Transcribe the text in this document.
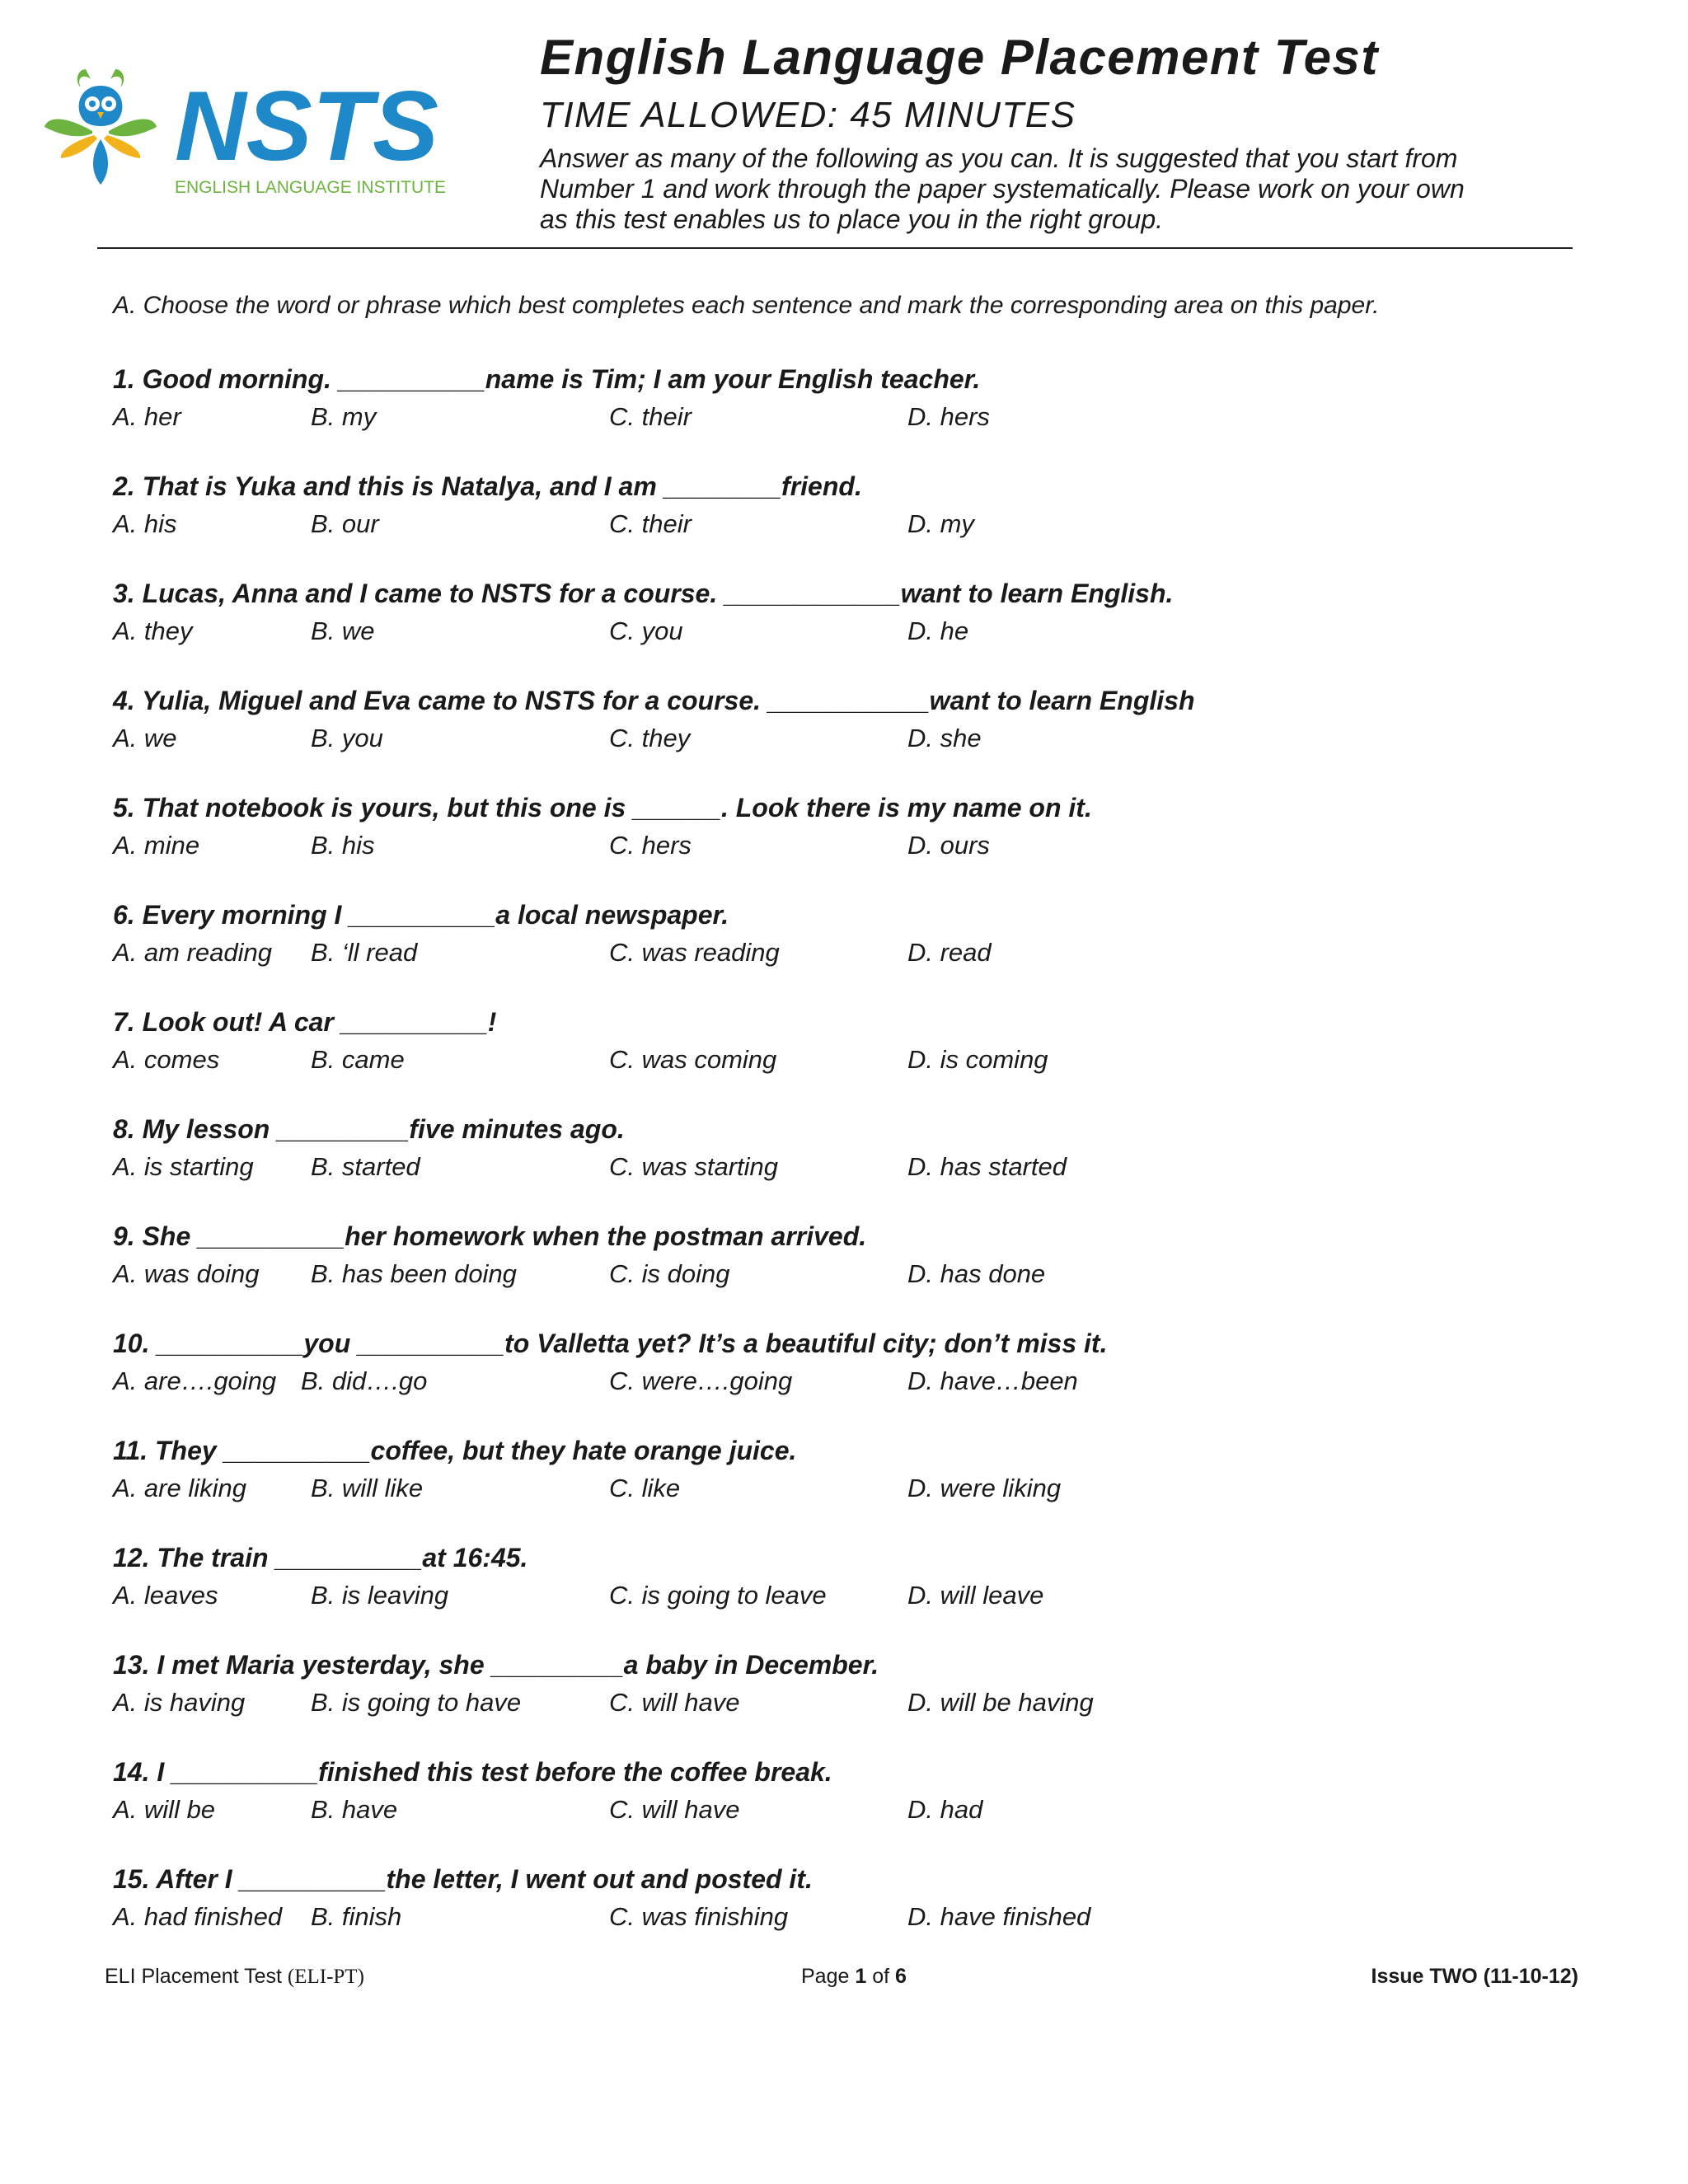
NSTS
ENGLISH LANGUAGE INSTITUTE
English Language Placement Test
TIME ALLOWED: 45 MINUTES
Answer as many of the following as you can. It is suggested that you start from
Number 1 and work through the paper systematically. Please work on your own
as this test enables us to place you in the right group.
A. Choose the word or phrase which best completes each sentence and mark the corresponding area on this paper.
1. Good morning. __________name is Tim; I am your English teacher.
A. her	B. my	C. their	D. hers
2. That is Yuka and this is Natalya, and I am ________friend.
A. his	B. our	C. their	D. my
3. Lucas, Anna and I came to NSTS for a course. ____________want to learn English.
A. they	B. we	C. you	D. he
4. Yulia, Miguel and Eva came to NSTS for a course. ___________want to learn English
A. we	B. you	C. they	D. she
5. That notebook is yours, but this one is ______. Look there is my name on it.
A. mine	B. his	C. hers	D. ours
6. Every morning I __________a local newspaper.
A. am reading B. ‘ll read	C. was reading	D. read
7. Look out! A car __________!
A. comes	B. came	C. was coming	D. is coming
8. My lesson _________five minutes ago.
A. is starting B. started	C. was starting	D. has started
9. She __________her homework when the postman arrived.
A. was doing B. has been doing	C. is doing	D. has done
10. __________you __________to Valletta yet? It’s a beautiful city; don’t miss it.
A. are….going B. did….go	C. were….going	D. have…been
11. They __________coffee, but they hate orange juice.
A. are liking	B. will like	C. like	D. were liking
12. The train __________at 16:45.
A. leaves	B. is leaving	C. is going to leave	D. will leave
13. I met Maria yesterday, she _________a baby in December.
A. is having	B. is going to have	C. will have	D. will be having
14. I __________finished this test before the coffee break.
A. will be	B. have	C. will have	D. had
15. After I __________the letter, I went out and posted it.
A. had finished B. finish	C. was finishing	D. have finished
ELI Placement Test (ELI-PT)	Page 1 of 6	Issue TWO (11-10-12)
